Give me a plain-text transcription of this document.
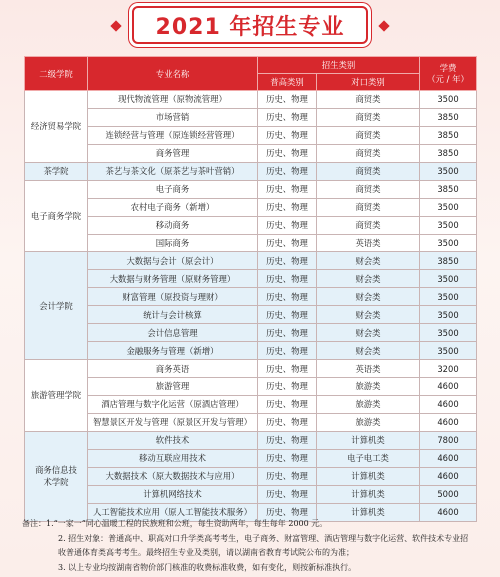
2021 年招生专业
二级学院	专业名称	招生类别		学费
（元 / 年）

		普高类别	对口类别	
经济贸易学院	现代物流管理（原物流管理）	历史、物理	商贸类	3500
	市场营销	历史、物理	商贸类	3850
	连锁经营与管理（原连锁经营管理）	历史、物理	商贸类	3850
	商务管理	历史、物理	商贸类	3850
茶学院	茶艺与茶文化（原茶艺与茶叶营销）	历史、物理	商贸类	3500
电子商务学院	电子商务	历史、物理	商贸类	3850
	农村电子商务（新增）	历史、物理	商贸类	3500
	移动商务	历史、物理	商贸类	3500
	国际商务	历史、物理	英语类	3500
会计学院	大数据与会计（原会计）	历史、物理	财会类	3850
	大数据与财务管理（原财务管理）	历史、物理	财会类	3500
	财富管理（原投资与理财）	历史、物理	财会类	3500
	统计与会计核算	历史、物理	财会类	3500
	会计信息管理	历史、物理	财会类	3500
	金融服务与管理（新增）	历史、物理	财会类	3500
旅游管理学院	商务英语	历史、物理	英语类	3200
	旅游管理	历史、物理	旅游类	4600
	酒店管理与数字化运营（原酒店管理）	历史、物理	旅游类	4600
	智慧景区开发与管理（原景区开发与管理）	历史、物理	旅游类	4600
商务信息技术学院	软件技术	历史、物理	计算机类	7800
	移动互联应用技术	历史、物理	电子电工类	4600
	大数据技术（原大数据技术与应用）	历史、物理	计算机类	4600
	计算机网络技术	历史、物理	计算机类	5000
	人工智能技术应用（原人工智能技术服务）	历史、物理	计算机类	4600
备注：1.“一家一”同心温暖工程的民族班和公班，每生资助两年，每生每年 2000 元。
2. 招生对象：普通高中、职高对口升学类高考考生，电子商务、财富管理、酒店管理与数字化运营、软件技术专业招
收普通体育类高考考生。最终招生专业及类别，请以湖南省教育考试院公布的为准；
3. 以上专业均按湖南省物价部门核准的收费标准收费，如有变化，则按新标准执行。
